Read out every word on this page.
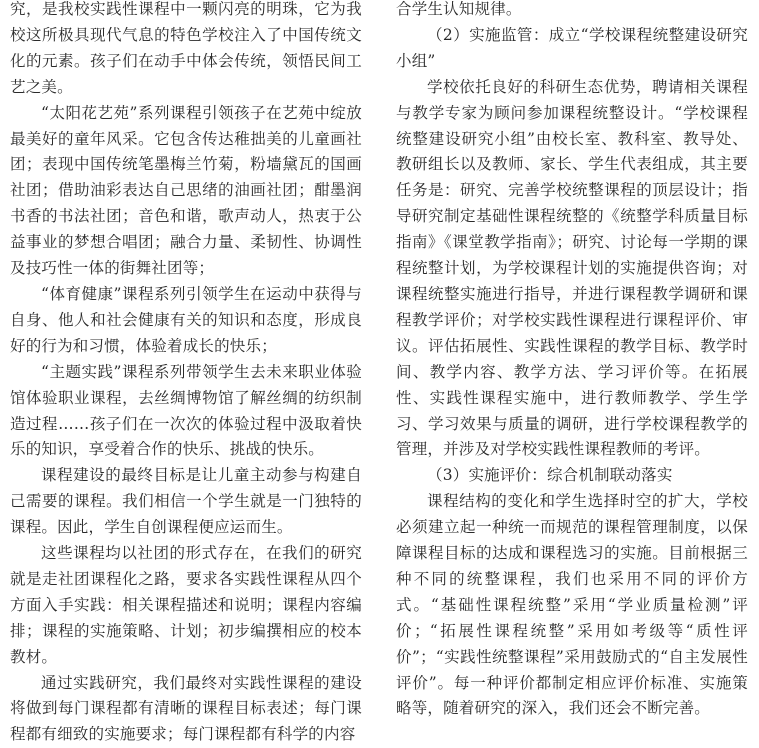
究，是我校实践性课程中一颗闪亮的明珠，它为我校这所极具现代气息的特色学校注入了中国传统文化的元素。孩子们在动手中体会传统，领悟民间工艺之美。

“太阳花艺苑”系列课程引领孩子在艺苑中绽放最美好的童年风采。它包含传达稚拙美的儿童画社团；表现中国传统笔墨梅兰竹菊，粉墙黛瓦的国画社团；借助油彩表达自己思绪的油画社团；酣墨润书香的书法社团；音色和谐，歌声动人，热衷于公益事业的梦想合唱团；融合力量、柔韧性、协调性及技巧性一体的街舞社团等；

“体育健康”课程系列引领学生在运动中获得与自身、他人和社会健康有关的知识和态度，形成良好的行为和习惯，体验着成长的快乐；

“主题实践”课程系列带领学生去未来职业体验馆体验职业课程，去丝绸博物馆了解丝绸的纺织制造过程……孩子们在一次次的体验过程中汲取着快乐的知识，享受着合作的快乐、挑战的快乐。

课程建设的最终目标是让儿童主动参与构建自己需要的课程。我们相信一个学生就是一门独特的课程。因此，学生自创课程便应运而生。

这些课程均以社团的形式存在，在我们的研究就是走社团课程化之路，要求各实践性课程从四个方面入手实践：相关课程描述和说明；课程内容编排；课程的实施策略、计划；初步编撰相应的校本教材。

通过实践研究，我们最终对实践性课程的建设将做到每门课程都有清晰的课程目标表述；每门课程都有细致的实施要求；每门课程都有科学的内容

合学生认知规律。

（2）实施监管：成立“学校课程统整建设研究小组”

学校依托良好的科研生态优势，聘请相关课程与教学专家为顾问参加课程统整设计。“学校课程统整建设研究小组”由校长室、教科室、教导处、教研组长以及教师、家长、学生代表组成，其主要任务是：研究、完善学校统整课程的顶层设计；指导研究制定基础性课程统整的《统整学科质量目标指南》《课堂教学指南》；研究、讨论每一学期的课程统整计划，为学校课程计划的实施提供咨询；对课程统整实施进行指导，并进行课程教学调研和课程教学评价；对学校实践性课程进行课程评价、审议。评估拓展性、实践性课程的教学目标、教学时间、教学内容、教学方法、学习评价等。在拓展性、实践性课程实施中，进行教师教学、学生学习、学习效果与质量的调研，进行学校课程教学的管理，并涉及对学校实践性课程教师的考评。

（3）实施评价：综合机制联动落实

课程结构的变化和学生选择时空的扩大，学校必须建立起一种统一而规范的课程管理制度，以保障课程目标的达成和课程选习的实施。目前根据三种不同的统整课程，我们也采用不同的评价方式。“基础性课程统整”采用“学业质量检测”评价；“拓展性课程统整”采用如考级等“质性评价”；“实践性统整课程”采用鼓励式的“自主发展性评价”。每一种评价都制定相应评价标准、实施策略等，随着研究的深入，我们还会不断完善。
